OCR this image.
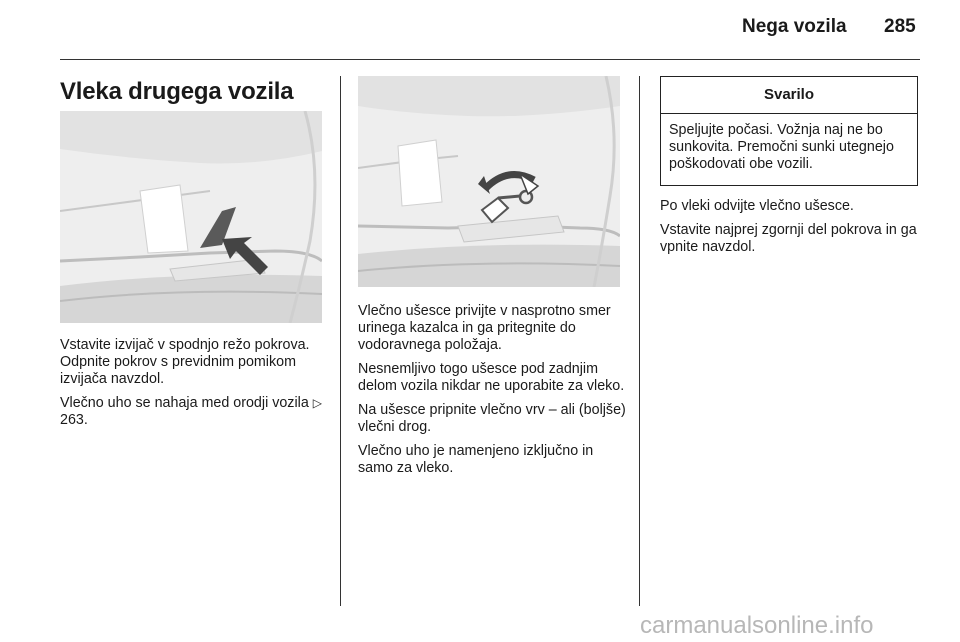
Nega vozila 285
Vleka drugega vozila

Vstavite izvijač v spodnjo režo pokrova. Odpnite pokrov s previdnim pomikom izvijača navzdol.

Vlečno uho se nahaja med orodji vozila ▷ 263.

Vlečno ušesce privijte v nasprotno smer urinega kazalca in ga pritegnite do vodoravnega položaja.

Nesnemljivo togo ušesce pod zadnjim delom vozila nikdar ne uporabite za vleko.

Na ušesce pripnite vlečno vrv – ali (boljše) vlečni drog.

Vlečno uho je namenjeno izključno in samo za vleko.

Svarilo
Speljujte počasi. Vožnja naj ne bo sunkovita. Premočni sunki utegnejo poškodovati obe vozili.

Po vleki odvijte vlečno ušesce.

Vstavite najprej zgornji del pokrova in ga vpnite navzdol.

carmanualsonline.info
